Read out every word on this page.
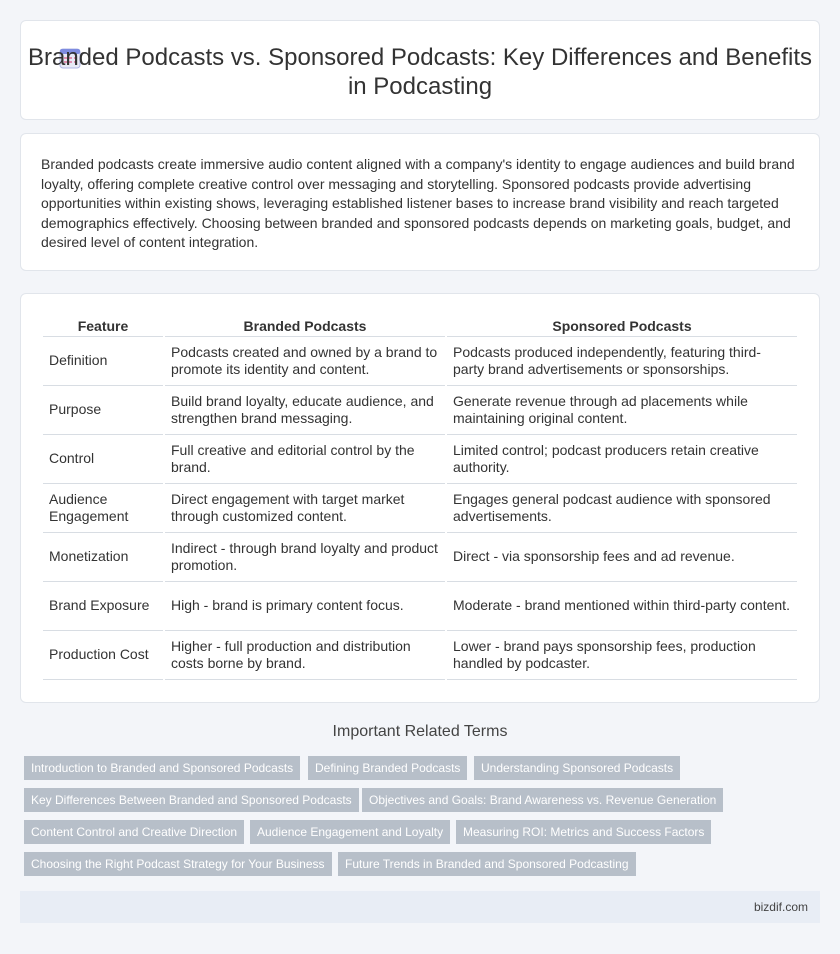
Branded Podcasts vs. Sponsored Podcasts: Key Differences and Benefits in Podcasting

Branded podcasts create immersive audio content aligned with a company's identity to engage audiences and build brand loyalty, offering complete creative control over messaging and storytelling. Sponsored podcasts provide advertising opportunities within existing shows, leveraging established listener bases to increase brand visibility and reach targeted demographics effectively. Choosing between branded and sponsored podcasts depends on marketing goals, budget, and desired level of content integration.

Feature	Branded Podcasts	Sponsored Podcasts
Definition	Podcasts created and owned by a brand to promote its identity and content.	Podcasts produced independently, featuring third-party brand advertisements or sponsorships.
Purpose	Build brand loyalty, educate audience, and strengthen brand messaging.	Generate revenue through ad placements while maintaining original content.
Control	Full creative and editorial control by the brand.	Limited control; podcast producers retain creative authority.
Audience Engagement	Direct engagement with target market through customized content.	Engages general podcast audience with sponsored advertisements.
Monetization	Indirect - through brand loyalty and product promotion.	Direct - via sponsorship fees and ad revenue.
Brand Exposure	High - brand is primary content focus.	Moderate - brand mentioned within third-party content.
Production Cost	Higher - full production and distribution costs borne by brand.	Lower - brand pays sponsorship fees, production handled by podcaster.
Important Related Terms
Introduction to Branded and Sponsored Podcasts	Defining Branded Podcasts	Understanding Sponsored Podcasts
Key Differences Between Branded and Sponsored Podcasts	Objectives and Goals: Brand Awareness vs. Revenue Generation
Content Control and Creative Direction	Audience Engagement and Loyalty	Measuring ROI: Metrics and Success Factors
Choosing the Right Podcast Strategy for Your Business	Future Trends in Branded and Sponsored Podcasting
bizdif.com
